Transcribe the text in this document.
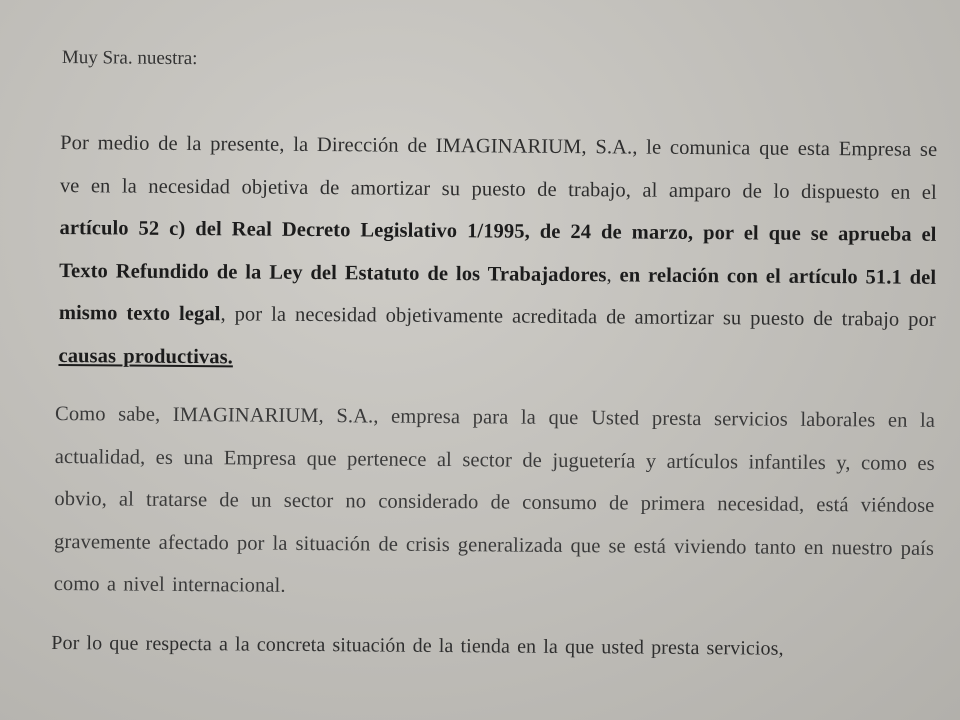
Muy Sra. nuestra:

Por medio de la presente, la Dirección de IMAGINARIUM, S.A., le comunica que esta Empresa se ve en la necesidad objetiva de amortizar su puesto de trabajo, al amparo de lo dispuesto en el artículo 52 c) del Real Decreto Legislativo 1/1995, de 24 de marzo, por el que se aprueba el Texto Refundido de la Ley del Estatuto de los Trabajadores, en relación con el artículo 51.1 del mismo texto legal, por la necesidad objetivamente acreditada de amortizar su puesto de trabajo por causas productivas.

Como sabe, IMAGINARIUM, S.A., empresa para la que Usted presta servicios laborales en la actualidad, es una Empresa que pertenece al sector de juguetería y artículos infantiles y, como es obvio, al tratarse de un sector no considerado de consumo de primera necesidad, está viéndose gravemente afectado por la situación de crisis generalizada que se está viviendo tanto en nuestro país como a nivel internacional.

Por lo que respecta a la concreta situación de la tienda en la que usted presta servicios,
